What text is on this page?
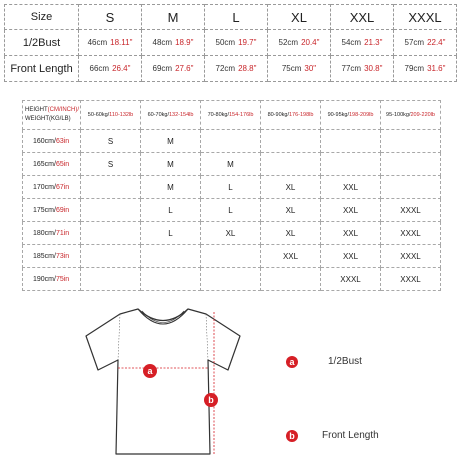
Size	S	M	L	XL	XXL	XXXL
1/2Bust	46cm 18.11"	48cm 18.9"	50cm 19.7"	52cm 20.4"	54cm 21.3"	57cm 22.4"
Front Length	66cm 26.4"	69cm 27.6"	72cm 28.8"	75cm 30"	77cm 30.8"	79cm 31.6"
HEIGHT(CM/INCH)/
WEIGHT(KG/LB)	50-60kg/110-132lb	60-70kg/132-154lb	70-80kg/154-176lb	80-90kg/176-198lb	90-95kg/198-209lb	95-100kg/209-220lb
160cm/63in	S	M				
165cm/65in	S	M	M			
170cm/67in		M	L	XL	XXL	
175cm/69in		L	L	XL	XXL	XXXL
180cm/71in		L	XL	XL	XXL	XXXL
185cm/73in				XXL	XXL	XXXL
190cm/75in					XXXL	XXXL
a
b
a	1/2Bust
b	Front Length
